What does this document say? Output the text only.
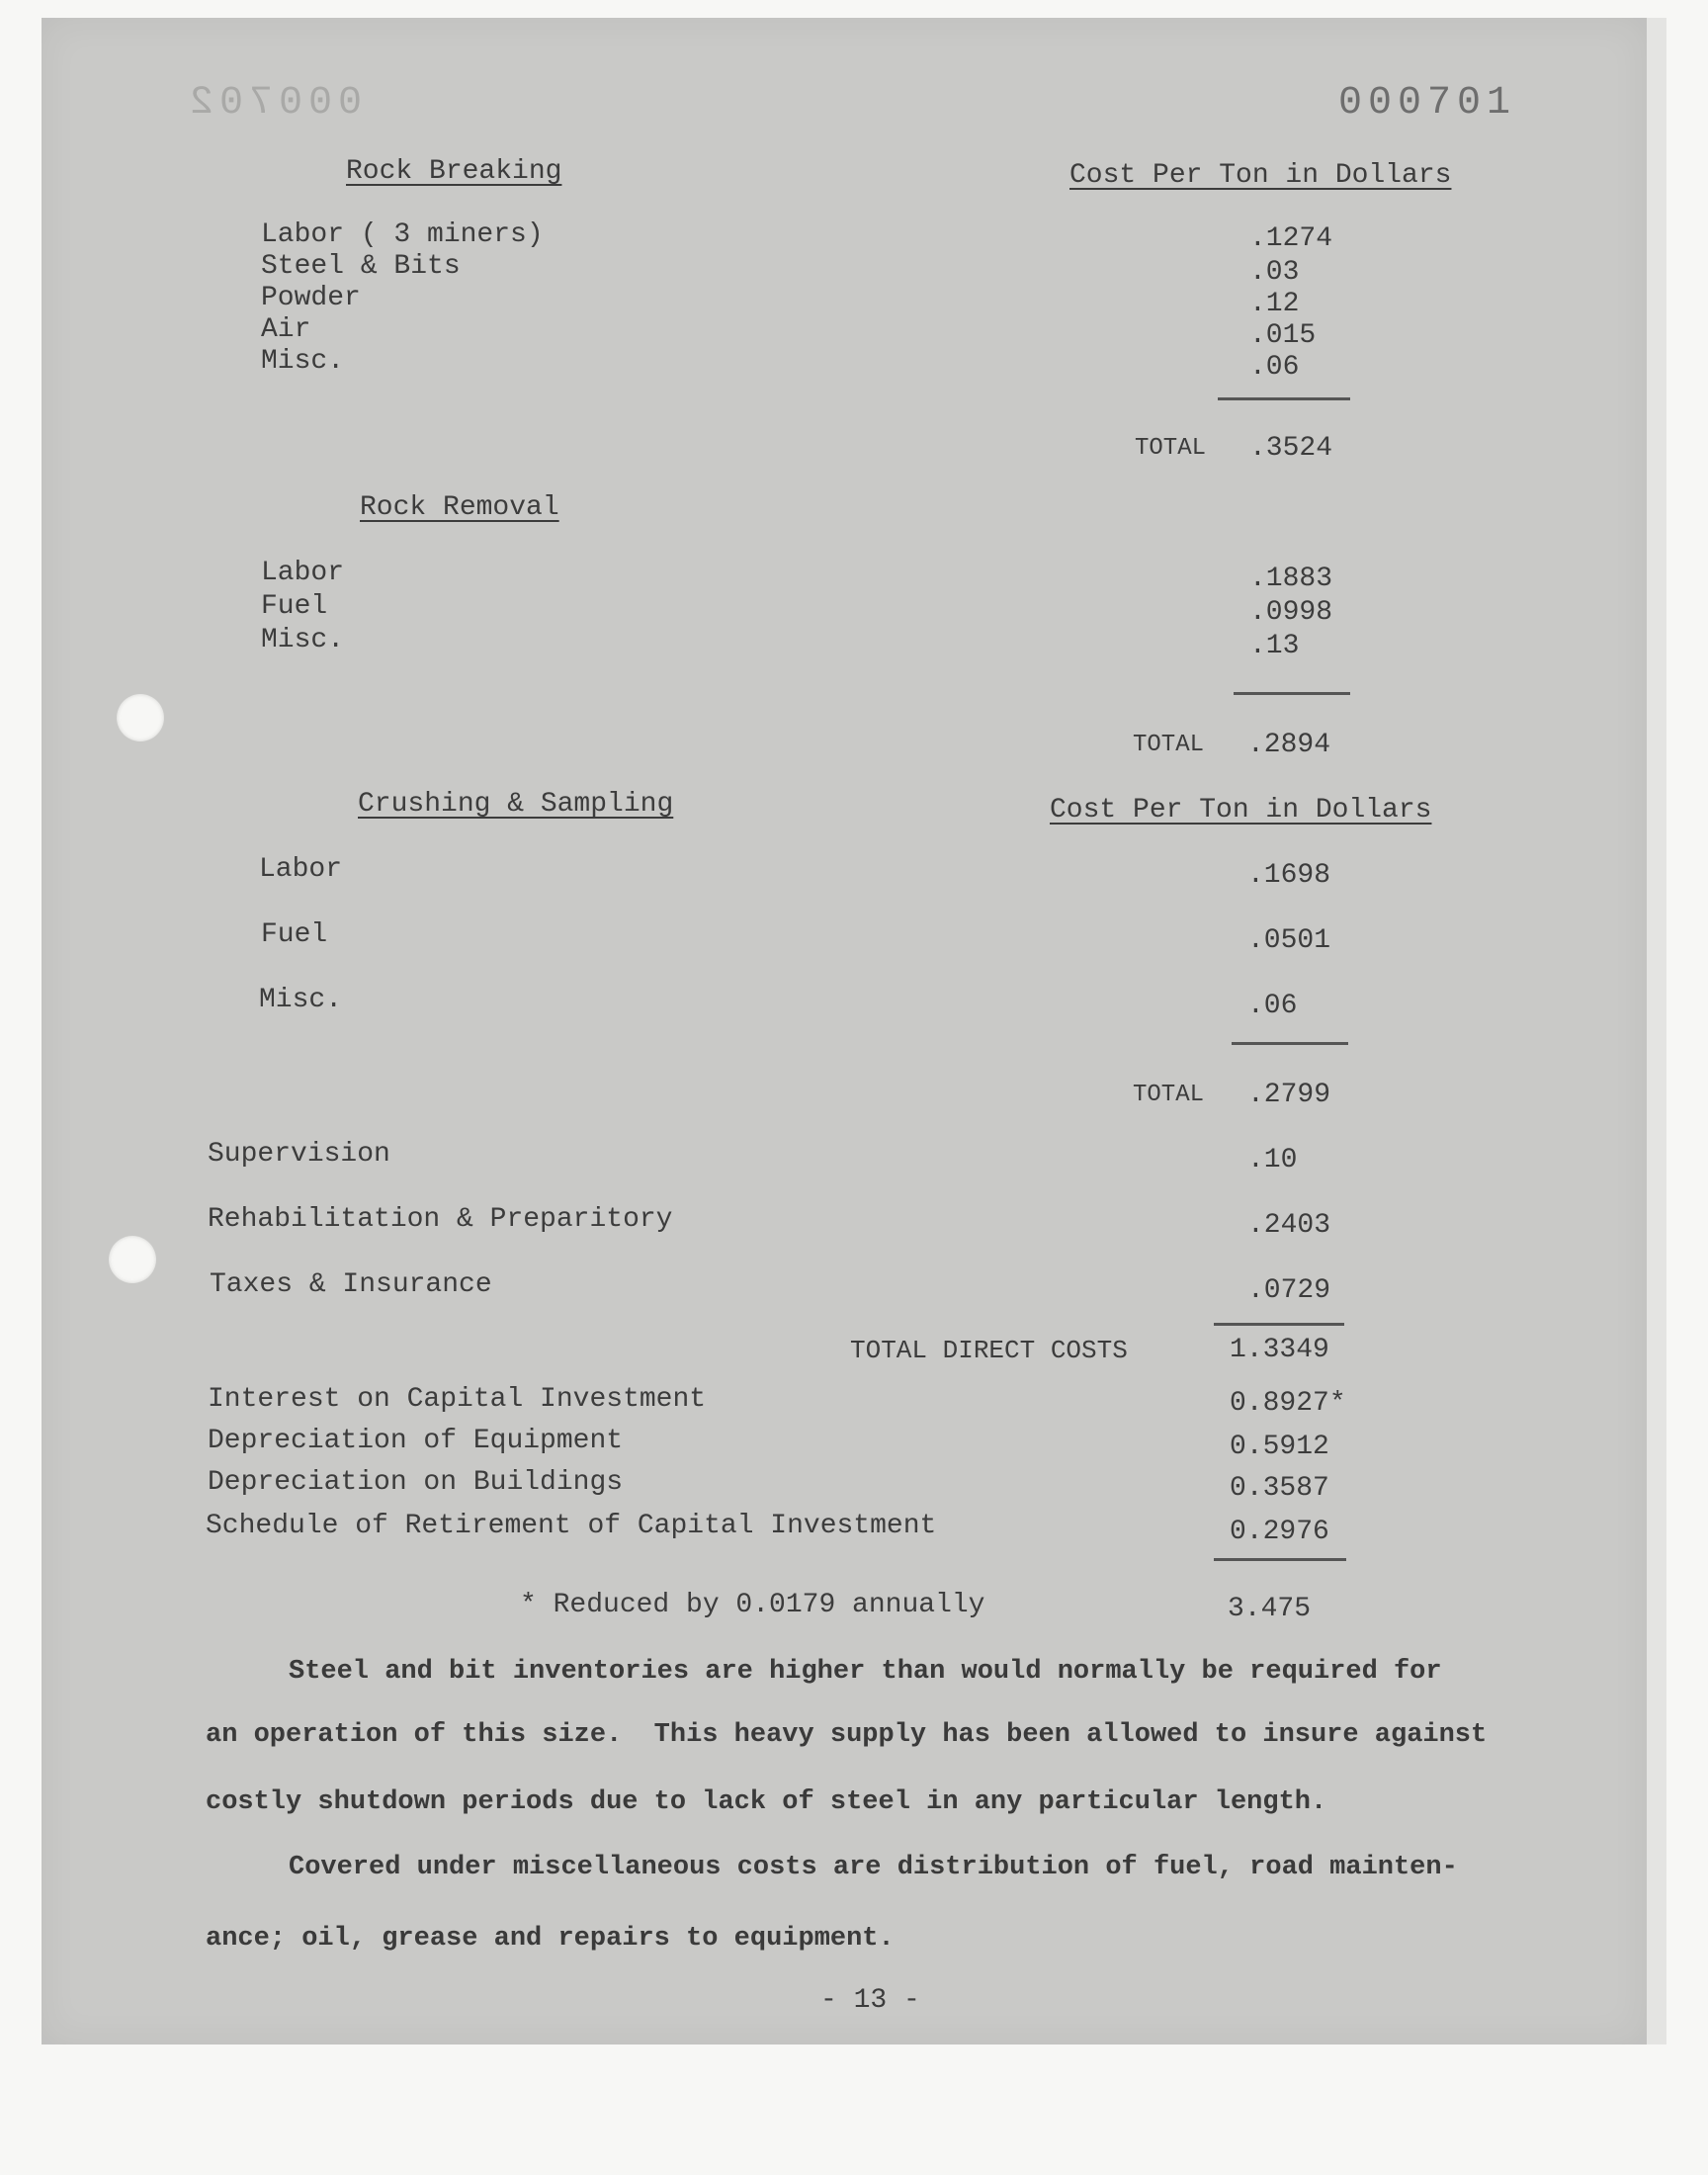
000702	000701
Rock Breaking	Cost Per Ton in Dollars
Labor ( 3 miners)	.1274
Steel & Bits	.03
Powder	.12
Air	.015
Misc.	.06
TOTAL .3524
Rock Removal
Labor	.1883
Fuel	.0998
Misc.	.13
TOTAL .2894
Crushing & Sampling	Cost Per Ton in Dollars
Labor	.1698
Fuel	.0501
Misc.	.06
TOTAL .2799
Supervision	.10
Rehabilitation & Preparitory	.2403
Taxes & Insurance	.0729
TOTAL DIRECT COSTS	1.3349
Interest on Capital Investment	0.8927*
Depreciation of Equipment	0.5912
Depreciation on Buildings	0.3587
Schedule of Retirement of Capital Investment	0.2976
* Reduced by 0.0179 annually	3.475
Steel and bit inventories are higher than would normally be required for
an operation of this size.  This heavy supply has been allowed to insure against
costly shutdown periods due to lack of steel in any particular length.
Covered under miscellaneous costs are distribution of fuel, road mainten-
ance; oil, grease and repairs to equipment.
- 13 -
